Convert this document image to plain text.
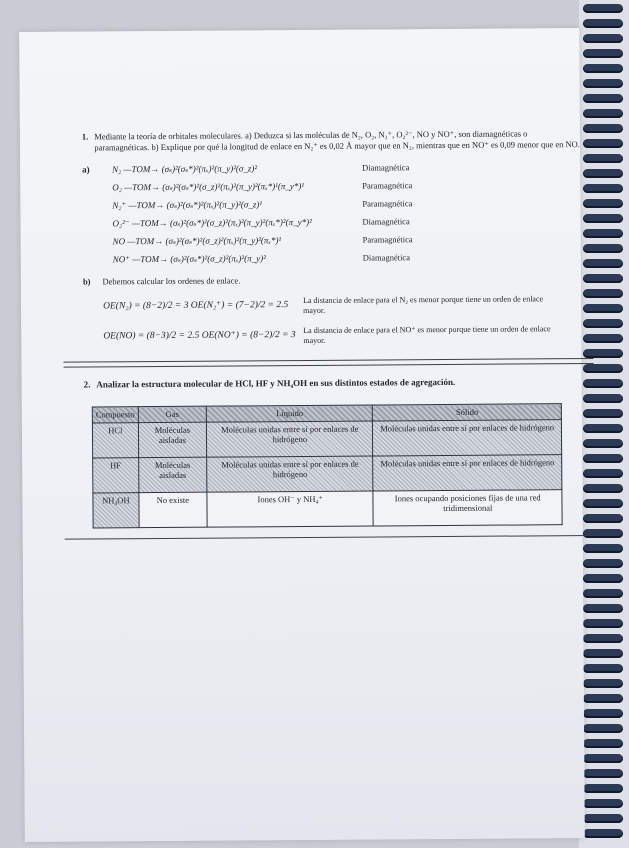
1. Mediante la teoría de orbitales moleculares. a) Deduzca si las moléculas de N₂, O₂, N₂⁺, O₂²⁻, NO y NO⁺, son diamagnéticas o paramagnéticas. b) Explique por qué la longitud de enlace en N₂⁺ es 0,02 Å mayor que en N₂, mientras que en NO⁺ es 0,09 menor que en NO.
a)	N₂ —TOM→ (σₛ)²(σₛ*)²(πₓ)²(π_y)²(σ_z)²	Diamagnética
O₂ —TOM→ (σₛ)²(σₛ*)²(σ_z)²(πₓ)²(π_y)²(πₓ*)¹(π_y*)¹	Paramagnética
N₂⁺ —TOM→ (σₛ)²(σₛ*)²(πₓ)²(π_y)²(σ_z)¹	Paramagnética
O₂²⁻ —TOM→ (σₛ)²(σₛ*)²(σ_z)²(πₓ)²(π_y)²(πₓ*)²(π_y*)²	Diamagnética
NO —TOM→ (σₛ)²(σₛ*)²(σ_z)²(πₓ)²(π_y)²(πₓ*)¹	Paramagnética
NO⁺ —TOM→ (σₛ)²(σₛ*)²(σ_z)²(πₓ)²(π_y)²	Diamagnética
b) Debemos calcular los ordenes de enlace.
OE(N₂) = (8−2)/2 = 3 OE(N₂⁺) = (7−2)/2 = 2.5
La distancia de enlace para el N₂ es menor porque tiene un orden de enlace mayor.
OE(NO) = (8−3)/2 = 2.5 OE(NO⁺) = (8−2)/2 = 3
La distancia de enlace para el NO⁺ es menor porque tiene un orden de enlace mayor.
2. Analizar la estructura molecular de HCl, HF y NH₄OH en sus distintos estados de agregación.
Compuesto	Gas	Líquido	Sólido
HCl	Moléculas aisladas	Moléculas unidas entre sí por enlaces de hidrógeno	Moléculas unidas entre sí por enlaces de hidrógeno
HF	Moléculas aisladas	Moléculas unidas entre sí por enlaces de hidrógeno	Moléculas unidas entre sí por enlaces de hidrógeno
NH₄OH	No existe	Iones OH⁻ y NH₄⁺	Iones ocupando posiciones fijas de una red tridimensional
